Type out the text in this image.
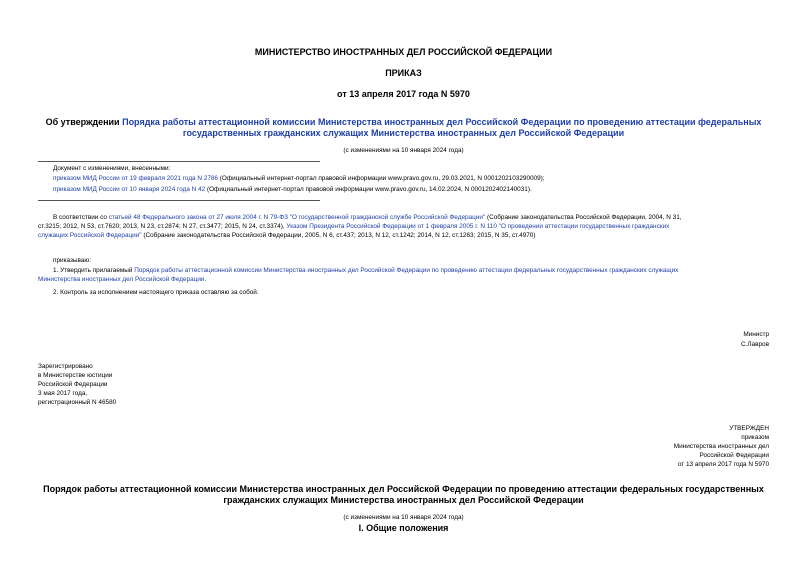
МИНИСТЕРСТВО ИНОСТРАННЫХ ДЕЛ РОССИЙСКОЙ ФЕДЕРАЦИИ
ПРИКАЗ
от 13 апреля 2017 года N 5970
Об утверждении Порядка работы аттестационной комиссии Министерства иностранных дел Российской Федерации по проведению аттестации федеральных
государственных гражданских служащих Министерства иностранных дел Российской Федерации
(с изменениями на 10 января 2024 года)
Документ с изменениями, внесенными:
приказом МИД России от 19 февраля 2021 года N 2786 (Официальный интернет-портал правовой информации www.pravo.gov.ru, 29.03.2021, N 0001202103290009);
приказом МИД России от 10 января 2024 года N 42 (Официальный интернет-портал правовой информации www.pravo.gov.ru, 14.02.2024, N 0001202402140031).
В соответствии со статьей 48 Федерального закона от 27 июля 2004 г. N 79-ФЗ "О государственной гражданской службе Российской Федерации" (Собрание законодательства Российской Федерации, 2004, N 31,
ст.3215; 2012, N 53, ст.7620; 2013, N 23, ст.2874; N 27, ст.3477; 2015, N 24, ст.3374), Указом Президента Российской Федерации от 1 февраля 2005 г. N 110 "О проведении аттестации государственных гражданских
служащих Российской Федерации" (Собрание законодательства Российской Федерации, 2005, N 6, ст.437; 2013, N 12, ст.1242; 2014, N 12, ст.1263; 2015, N 35, ст.4970)
приказываю:
1. Утвердить прилагаемый Порядок работы аттестационной комиссии Министерства иностранных дел Российской Федерации по проведению аттестации федеральных государственных гражданских служащих
Министерства иностранных дел Российской Федерации.
2. Контроль за исполнением настоящего приказа оставляю за собой.
Министр
С.Лавров
Зарегистрировано
в Министерстве юстиции
Российской Федерации
3 мая 2017 года,
регистрационный N 46580
УТВЕРЖДЕН
приказом
Министерства иностранных дел
Российской Федерации
от 13 апреля 2017 года N 5970
Порядок работы аттестационной комиссии Министерства иностранных дел Российской Федерации по проведению аттестации федеральных государственных
гражданских служащих Министерства иностранных дел Российской Федерации
(с изменениями на 10 января 2024 года)
I. Общие положения
